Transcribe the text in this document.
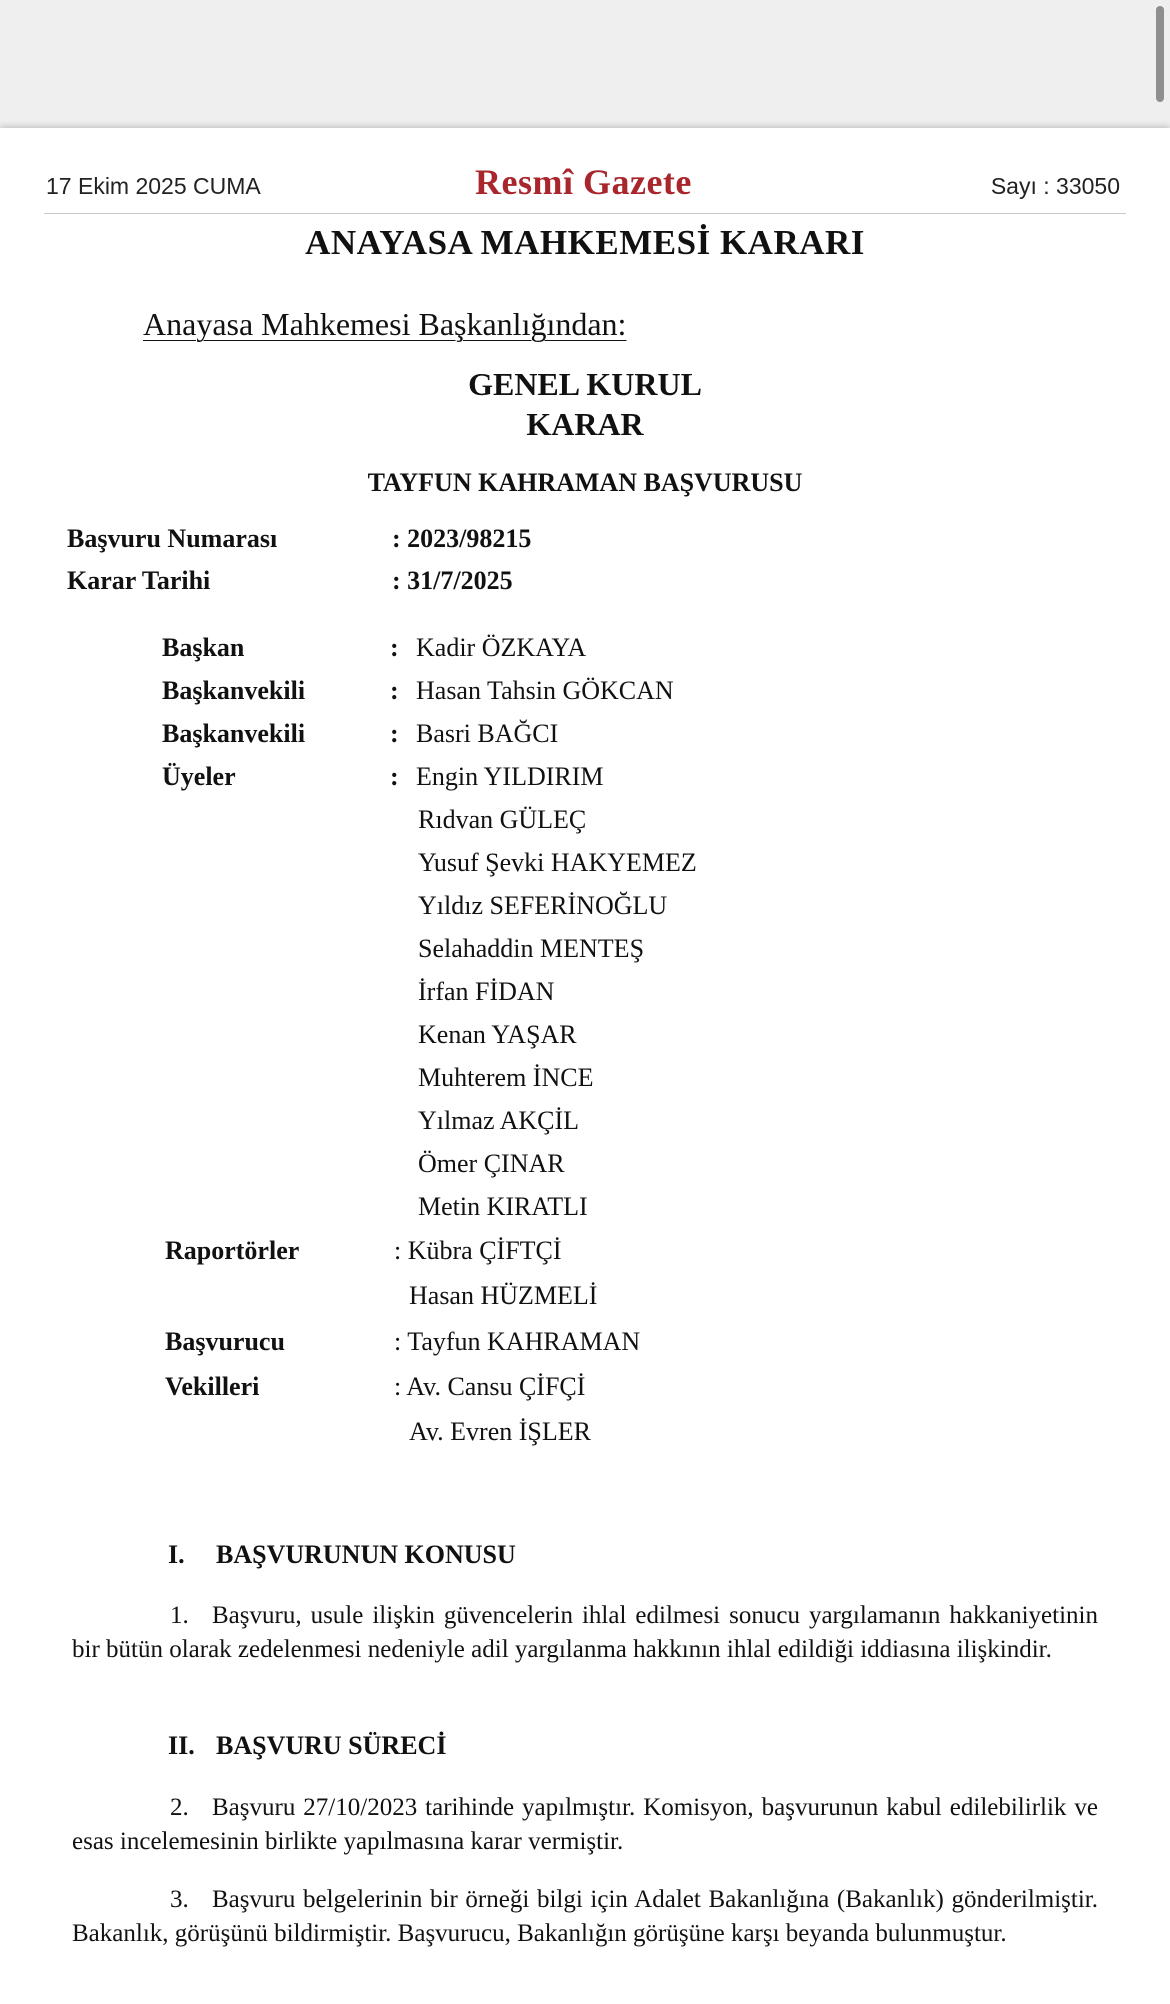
17 Ekim 2025 CUMA	Resmî Gazete	Sayı : 33050
ANAYASA MAHKEMESİ KARARI
Anayasa Mahkemesi Başkanlığından:
GENEL KURUL
KARAR
TAYFUN KAHRAMAN BAŞVURUSU
Başvuru Numarası	: 2023/98215
Karar Tarihi	: 31/7/2025
Başkan	: Kadir ÖZKAYA
Başkanvekili	: Hasan Tahsin GÖKCAN
Başkanvekili	: Basri BAĞCI
Üyeler	: Engin YILDIRIM
Rıdvan GÜLEÇ
Yusuf Şevki HAKYEMEZ
Yıldız SEFERİNOĞLU
Selahaddin MENTEŞ
İrfan FİDAN
Kenan YAŞAR
Muhterem İNCE
Yılmaz AKÇİL
Ömer ÇINAR
Metin KIRATLI
Raportörler	: Kübra ÇİFTÇİ
Hasan HÜZMELİ
Başvurucu	: Tayfun KAHRAMAN
Vekilleri	: Av. Cansu ÇİFÇİ
Av. Evren İŞLER
I. BAŞVURUNUN KONUSU
1. Başvuru, usule ilişkin güvencelerin ihlal edilmesi sonucu yargılamanın hakkaniyetinin bir bütün olarak zedelenmesi nedeniyle adil yargılanma hakkının ihlal edildiği iddiasına ilişkindir.
II. BAŞVURU SÜRECİ
2. Başvuru 27/10/2023 tarihinde yapılmıştır. Komisyon, başvurunun kabul edilebilirlik ve esas incelemesinin birlikte yapılmasına karar vermiştir.
3. Başvuru belgelerinin bir örneği bilgi için Adalet Bakanlığına (Bakanlık) gönderilmiştir. Bakanlık, görüşünü bildirmiştir. Başvurucu, Bakanlığın görüşüne karşı beyanda bulunmuştur.
